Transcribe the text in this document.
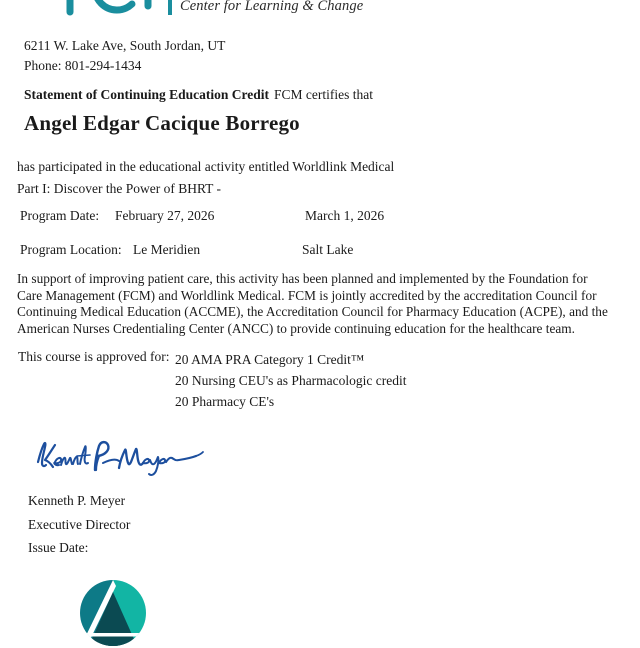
Center for Learning & Change
6211 W. Lake Ave, South Jordan, UT
Phone: 801-294-1434
Statement of Continuing Education Credit FCM certifies that
Angel Edgar Cacique Borrego
has participated in the educational activity entitled Worldlink Medical
Part I: Discover the Power of BHRT -
Program Date: February 27, 2026	March 1, 2026
Program Location: Le Meridien	Salt Lake
In support of improving patient care, this activity has been planned and implemented by the Foundation for
Care Management (FCM) and Worldlink Medical. FCM is jointly accredited by the accreditation Council for
Continuing Medical Education (ACCME), the Accreditation Council for Pharmacy Education (ACPE), and the
American Nurses Credentialing Center (ANCC) to provide continuing education for the healthcare team.
This course is approved for: 20 AMA PRA Category 1 Credit™
20 Nursing CEU's as Pharmacologic credit
20 Pharmacy CE's
Kenneth P. Meyer
Executive Director
Issue Date:
